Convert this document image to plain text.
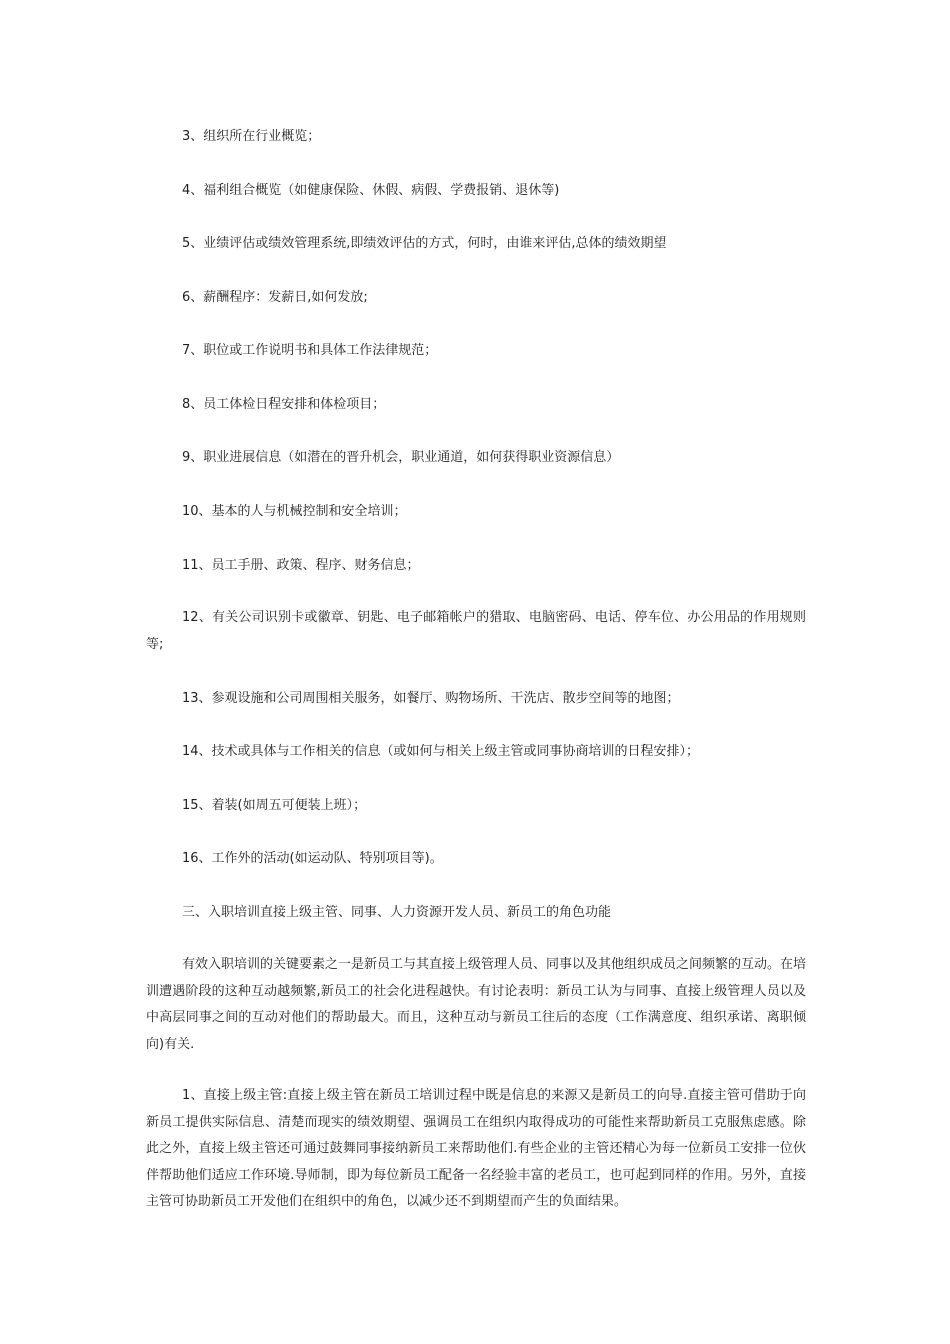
3、组织所在行业概览；

4、福利组合概览（如健康保险、休假、病假、学费报销、退休等)

5、业绩评估或绩效管理系统,即绩效评估的方式，何时，由谁来评估,总体的绩效期望

6、薪酬程序：发薪日,如何发放;

7、职位或工作说明书和具体工作法律规范；

8、员工体检日程安排和体检项目；

9、职业进展信息（如潜在的晋升机会，职业通道，如何获得职业资源信息）

10、基本的人与机械控制和安全培训；

11、员工手册、政策、程序、财务信息；

12、有关公司识别卡或徽章、钥匙、电子邮箱帐户的猎取、电脑密码、电话、停车位、办公用品的作用规则等;

13、参观设施和公司周围相关服务，如餐厅、购物场所、干洗店、散步空间等的地图；

14、技术或具体与工作相关的信息（或如何与相关上级主管或同事协商培训的日程安排）；

15、着装(如周五可便装上班）；

16、工作外的活动(如运动队、特别项目等)。

三、入职培训直接上级主管、同事、人力资源开发人员、新员工的角色功能

有效入职培训的关键要素之一是新员工与其直接上级管理人员、同事以及其他组织成员之间频繁的互动。在培训遭遇阶段的这种互动越频繁,新员工的社会化进程越快。有讨论表明：新员工认为与同事、直接上级管理人员以及中高层同事之间的互动对他们的帮助最大。而且，这种互动与新员工往后的态度（工作满意度、组织承诺、离职倾向)有关.

1、直接上级主管:直接上级主管在新员工培训过程中既是信息的来源又是新员工的向导.直接主管可借助于向新员工提供实际信息、清楚而现实的绩效期望、强调员工在组织内取得成功的可能性来帮助新员工克服焦虑感。除此之外，直接上级主管还可通过鼓舞同事接纳新员工来帮助他们.有些企业的主管还精心为每一位新员工安排一位伙伴帮助他们适应工作环境.导师制，即为每位新员工配备一名经验丰富的老员工，也可起到同样的作用。另外，直接主管可协助新员工开发他们在组织中的角色，以减少还不到期望而产生的负面结果。
